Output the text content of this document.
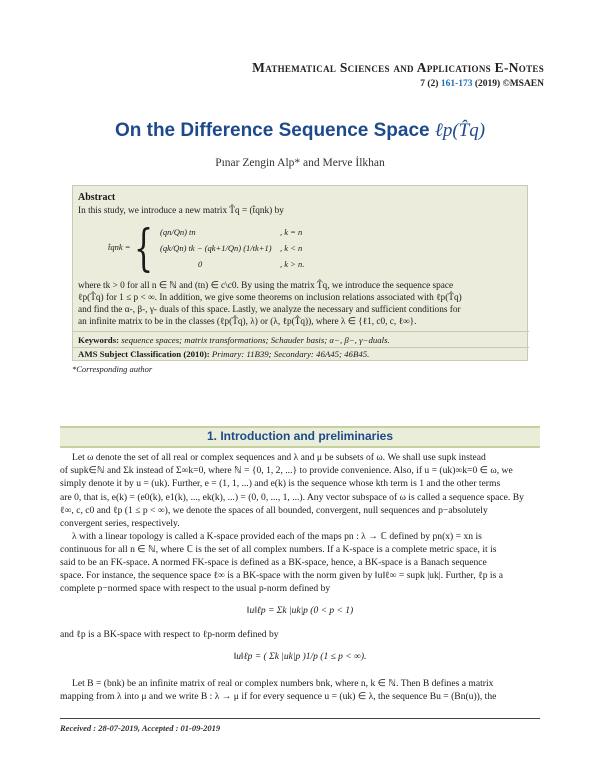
Mathematical Sciences and Applications E-Notes
7 (2) 161-173 (2019) ©MSAEN
On the Difference Sequence Space ℓp(T̂q)
Pınar Zengin Alp* and Merve İlkhan
Abstract
In this study, we introduce a new matrix T̂q = (t̂qnk) by
t̂qnk = { (qn/Qn) tn
(qk/Qn) tk − (qk+1/Qn) (1/tk+1)
0
, k = n
, k < n
, k > n.
where tk > 0 for all n ∈ ℕ and (tn) ∈ c\c0. By using the matrix T̂q, we introduce the sequence space
ℓp(T̂q) for 1 ≤ p < ∞. In addition, we give some theorems on inclusion relations associated with ℓp(T̂q)
and find the α-, β-, γ- duals of this space. Lastly, we analyze the necessary and sufficient conditions for
an infinite matrix to be in the classes (ℓp(T̂q), λ) or (λ, ℓp(T̂q)), where λ ∈ {ℓ1, c0, c, ℓ∞}.
Keywords: sequence spaces; matrix transformations; Schauder basis; α−, β−, γ−duals.
AMS Subject Classification (2010): Primary: 11B39; Secondary: 46A45; 46B45.
*Corresponding author
1. Introduction and preliminaries
Let ω denote the set of all real or complex sequences and λ and μ be subsets of ω. We shall use supk instead
of supk∈ℕ and Σk instead of Σ∞k=0, where ℕ = {0, 1, 2, ...} to provide convenience. Also, if u = (uk)∞k=0 ∈ ω, we
simply denote it by u = (uk). Further, e = (1, 1, ...) and e(k) is the sequence whose kth term is 1 and the other terms
are 0, that is, e(k) = (e0(k), e1(k), ..., ek(k), ...) = (0, 0, ..., 1, ...). Any vector subspace of ω is called a sequence space. By
ℓ∞, c, c0 and ℓp (1 ≤ p < ∞), we denote the spaces of all bounded, convergent, null sequences and p−absolutely
convergent series, respectively.
λ with a linear topology is called a K-space provided each of the maps pn : λ → ℂ defined by pn(x) = xn is
continuous for all n ∈ ℕ, where ℂ is the set of all complex numbers. If a K-space is a complete metric space, it is
said to be an FK-space. A normed FK-space is defined as a BK-space, hence, a BK-space is a Banach sequence
space. For instance, the sequence space ℓ∞ is a BK-space with the norm given by ‖u‖ℓ∞ = supk |uk|. Further, ℓp is a
complete p−normed space with respect to the usual p-norm defined by
‖u‖ℓp = Σk |uk|p (0 < p < 1)
and ℓp is a BK-space with respect to ℓp-norm defined by
‖u‖ℓp = ( Σk |uk|p )1/p (1 ≤ p < ∞).
Let B = (bnk) be an infinite matrix of real or complex numbers bnk, where n, k ∈ ℕ. Then B defines a matrix
mapping from λ into μ and we write B : λ → μ if for every sequence u = (uk) ∈ λ, the sequence Bu = (Bn(u)), the
Received : 28-07-2019, Accepted : 01-09-2019
